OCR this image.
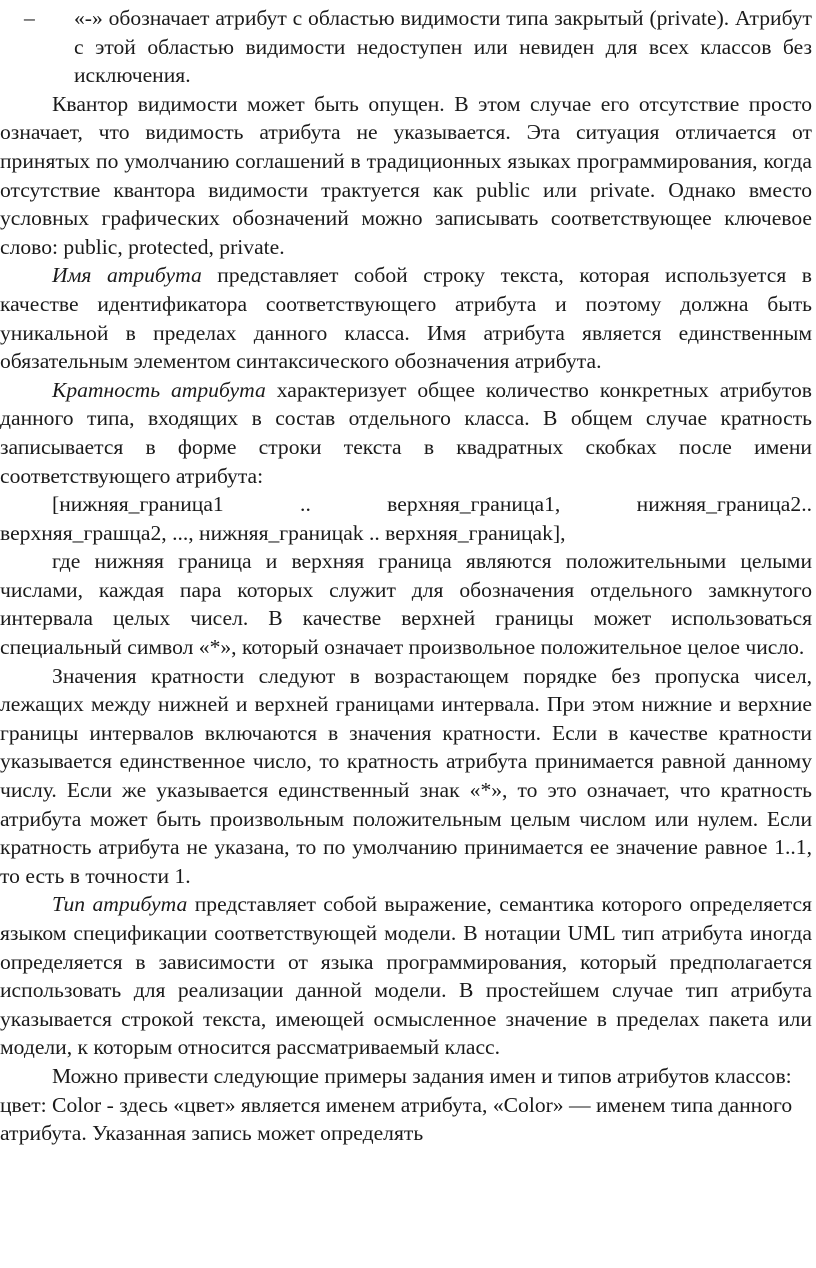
– «-» обозначает атрибут с областью видимости типа закрытый (private). Атрибут с этой областью видимости недоступен или невиден для всех классов без исключения.

Квантор видимости может быть опущен. В этом случае его отсутствие просто означает, что видимость атрибута не указывается. Эта ситуация отличается от принятых по умолчанию соглашений в традиционных языках программирования, когда отсутствие квантора видимости трактуется как public или private. Однако вместо условных графических обозначений можно записывать соответствующее ключевое слово: public, protected, private.

Имя атрибута представляет собой строку текста, которая используется в качестве идентификатора соответствующего атрибута и поэтому должна быть уникальной в пределах данного класса. Имя атрибута является единственным обязательным элементом синтаксического обозначения атрибута.

Кратность атрибута характеризует общее количество конкретных атрибутов данного типа, входящих в состав отдельного класса. В общем случае кратность записывается в форме строки текста в квадратных скобках после имени соответствующего атрибута:

[нижняя_граница1 .. верхняя_граница1, нижняя_граница2..

верхняя_грашца2, ..., нижняя_границаk .. верхняя_границаk],

где нижняя граница и верхняя граница являются положительными целыми числами, каждая пара которых служит для обозначения отдельного замкнутого интервала целых чисел. В качестве верхней границы может использоваться специальный символ «*», который означает произвольное положительное целое число.

Значения кратности следуют в возрастающем порядке без пропуска чисел, лежащих между нижней и верхней границами интервала. При этом нижние и верхние границы интервалов включаются в значения кратности. Если в качестве кратности указывается единственное число, то кратность атрибута принимается равной данному числу. Если же указывается единственный знак «*», то это означает, что кратность атрибута может быть произвольным положительным целым числом или нулем. Если кратность атрибута не указана, то по умолчанию принимается ее значение равное 1..1, то есть в точности 1.

Тип атрибута представляет собой выражение, семантика которого определяется языком спецификации соответствующей модели. В нотации UML тип атрибута иногда определяется в зависимости от языка программирования, который предполагается использовать для реализации данной модели. В простейшем случае тип атрибута указывается строкой текста, имеющей осмысленное значение в пределах пакета или модели, к которым относится рассматриваемый класс.

Можно привести следующие примеры задания имен и типов атрибутов классов:

цвет: Color - здесь «цвет» является именем атрибута, «Color» — именем типа данного атрибута. Указанная запись может определять
